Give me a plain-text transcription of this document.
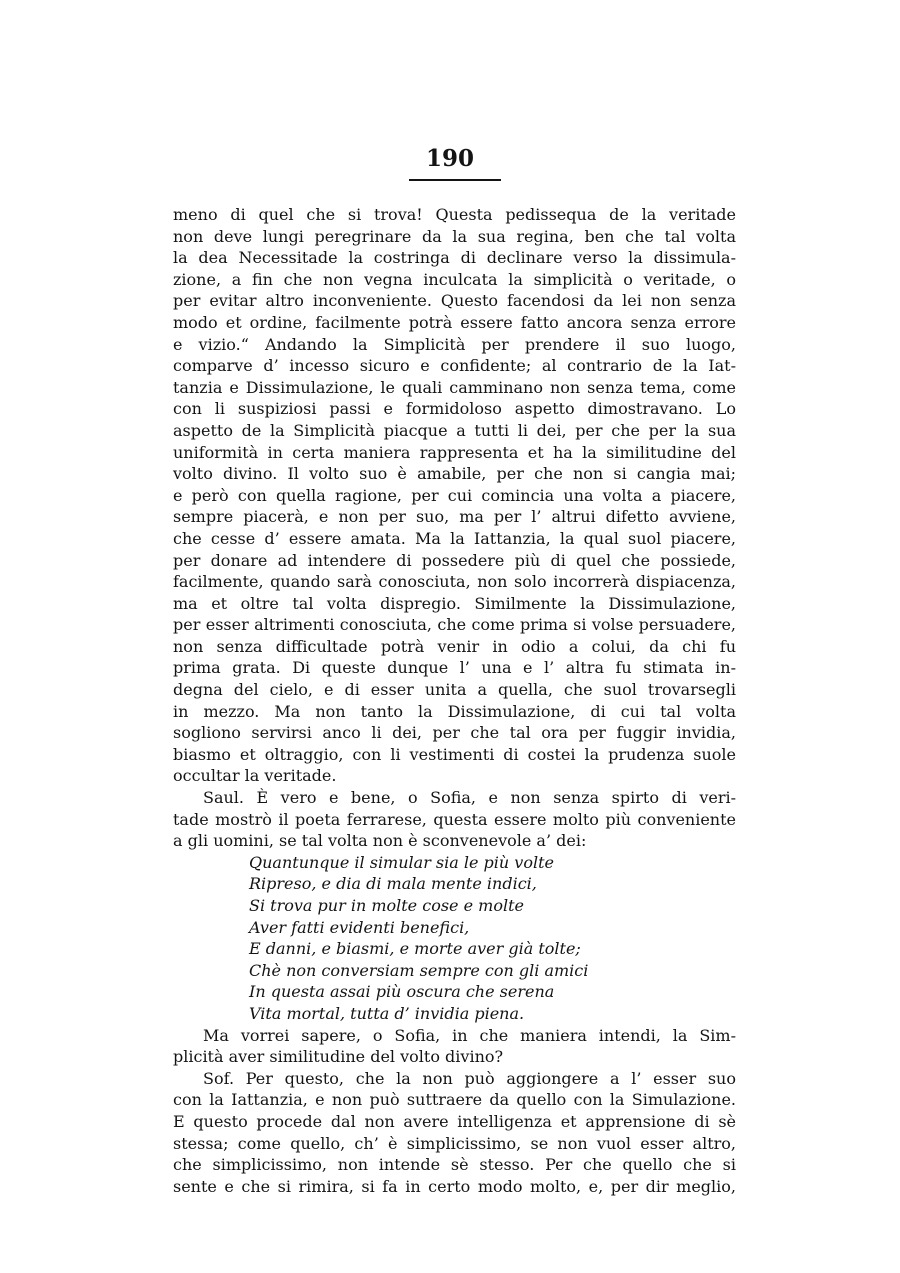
190
meno di quel che si trova! Questa pedissequa de la veritade
non deve lungi peregrinare da la sua regina, ben che tal volta
la dea Necessitade la costringa di declinare verso la dissimula-
zione, a fin che non vegna inculcata la simplicità o veritade, o
per evitar altro inconveniente. Questo facendosi da lei non senza
modo et ordine, facilmente potrà essere fatto ancora senza errore
e vizio.“ Andando la Simplicità per prendere il suo luogo,
comparve d’ incesso sicuro e confidente; al contrario de la Iat-
tanzia e Dissimulazione, le quali camminano non senza tema, come
con li suspiziosi passi e formidoloso aspetto dimostravano. Lo
aspetto de la Simplicità piacque a tutti li dei, per che per la sua
uniformità in certa maniera rappresenta et ha la similitudine del
volto divino. Il volto suo è amabile, per che non si cangia mai;
e però con quella ragione, per cui comincia una volta a piacere,
sempre piacerà, e non per suo, ma per l’ altrui difetto avviene,
che cesse d’ essere amata. Ma la Iattanzia, la qual suol piacere,
per donare ad intendere di possedere più di quel che possiede,
facilmente, quando sarà conosciuta, non solo incorrerà dispiacenza,
ma et oltre tal volta dispregio. Similmente la Dissimulazione,
per esser altrimenti conosciuta, che come prima si volse persuadere,
non senza difficultade potrà venir in odio a colui, da chi fu
prima grata. Di queste dunque l’ una e l’ altra fu stimata in-
degna del cielo, e di esser unita a quella, che suol trovarsegli
in mezzo. Ma non tanto la Dissimulazione, di cui tal volta
sogliono servirsi anco li dei, per che tal ora per fuggir invidia,
biasmo et oltraggio, con li vestimenti di costei la prudenza suole
occultar la veritade.
Saul. È vero e bene, o Sofia, e non senza spirto di veri-
tade mostrò il poeta ferrarese, questa essere molto più conveniente
a gli uomini, se tal volta non è sconvenevole a’ dei:
Quantunque il simular sia le più volte
Ripreso, e dia di mala mente indici,
Si trova pur in molte cose e molte
Aver fatti evidenti benefici,
E danni, e biasmi, e morte aver già tolte;
Chè non conversiam sempre con gli amici
In questa assai più oscura che serena
Vita mortal, tutta d’ invidia piena.
Ma vorrei sapere, o Sofia, in che maniera intendi, la Sim-
plicità aver similitudine del volto divino?
Sof. Per questo, che la non può aggiongere a l’ esser suo
con la Iattanzia, e non può suttraere da quello con la Simulazione.
E questo procede dal non avere intelligenza et apprensione di sè
stessa; come quello, ch’ è simplicissimo, se non vuol esser altro,
che simplicissimo, non intende sè stesso. Per che quello che si
sente e che si rimira, si fa in certo modo molto, e, per dir meglio,
